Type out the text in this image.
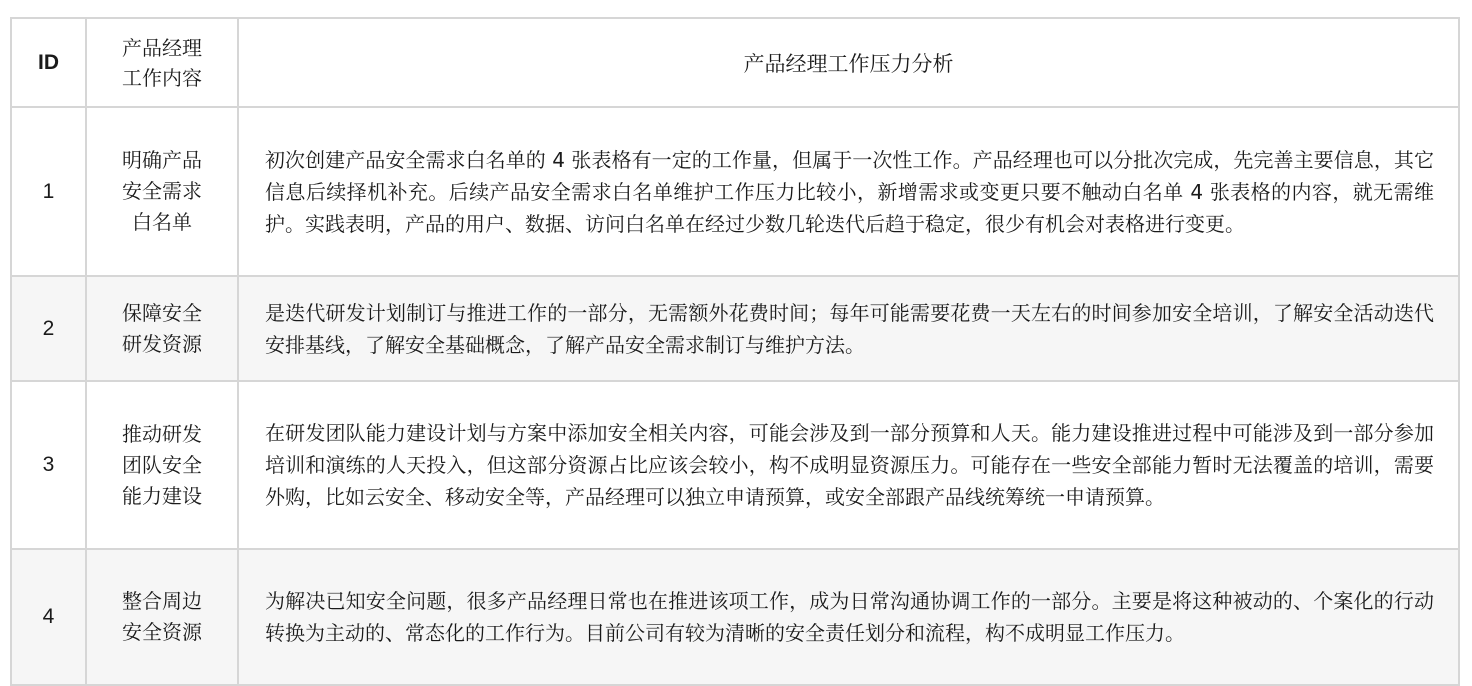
ID	产品经理工作内容	产品经理工作压力分析
1	明确产品安全需求白名单	初次创建产品安全需求白名单的 4 张表格有一定的工作量，但属于一次性工作。产品经理也可以分批次完成，先完善主要信息，其它信息后续择机补充。后续产品安全需求白名单维护工作压力比较小，新增需求或变更只要不触动白名单 4 张表格的内容，就无需维护。实践表明，产品的用户、数据、访问白名单在经过少数几轮迭代后趋于稳定，很少有机会对表格进行变更。
2	保障安全研发资源	是迭代研发计划制订与推进工作的一部分，无需额外花费时间；每年可能需要花费一天左右的时间参加安全培训，了解安全活动迭代安排基线，了解安全基础概念，了解产品安全需求制订与维护方法。
3	推动研发团队安全能力建设	在研发团队能力建设计划与方案中添加安全相关内容，可能会涉及到一部分预算和人天。能力建设推进过程中可能涉及到一部分参加培训和演练的人天投入，但这部分资源占比应该会较小，构不成明显资源压力。可能存在一些安全部能力暂时无法覆盖的培训，需要外购，比如云安全、移动安全等，产品经理可以独立申请预算，或安全部跟产品线统筹统一申请预算。
4	整合周边安全资源	为解决已知安全问题，很多产品经理日常也在推进该项工作，成为日常沟通协调工作的一部分。主要是将这种被动的、个案化的行动转换为主动的、常态化的工作行为。目前公司有较为清晰的安全责任划分和流程，构不成明显工作压力。
